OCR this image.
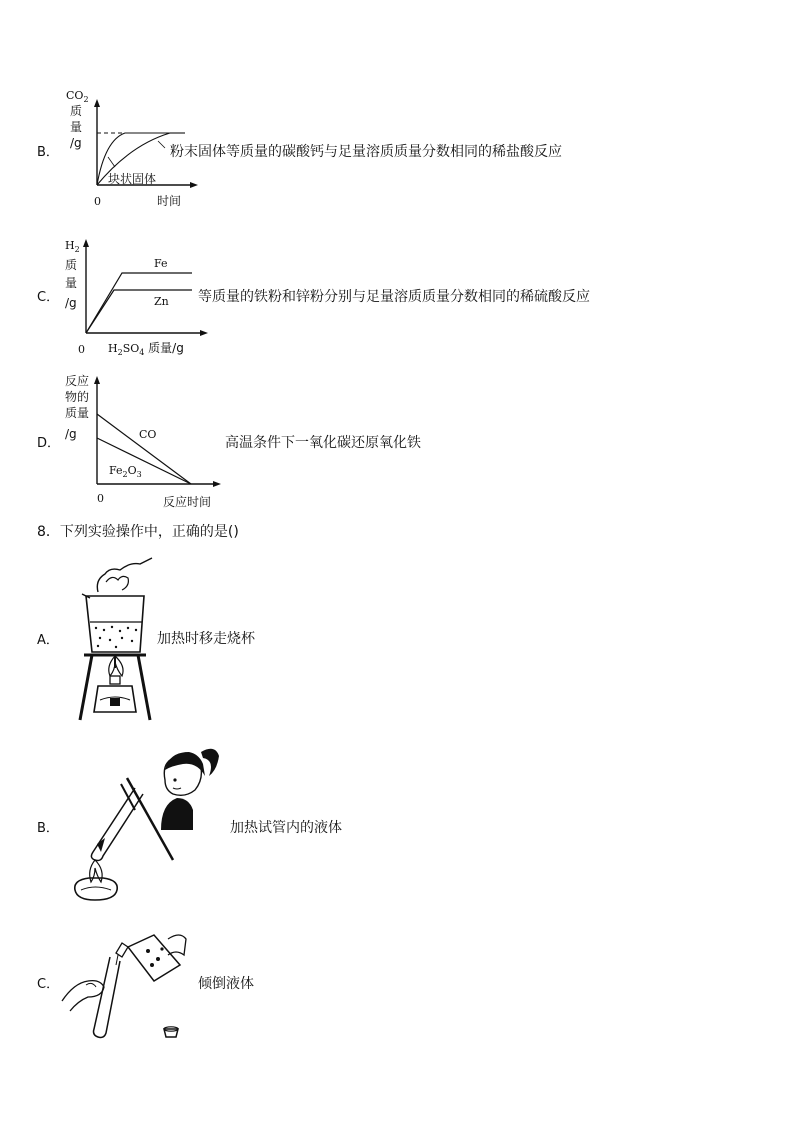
B．
$CO_2$
质
量
/g
块状固体
0	时间
粉末固体等质量的碳酸钙与足量溶质质量分数相同的稀盐酸反应
C．
$H_2$
质
量
/g
Fe
Zn
0 $H_2SO_4$ 质量/g
等质量的铁粉和锌粉分别与足量溶质质量分数相同的稀硫酸反应
D．
反应
物的
质量
/g	CO
$Fe_2O_3$
0	反应时间
高温条件下一氧化碳还原氧化铁
8．下列实验操作中，正确的是()
A．	加热时移走烧杯
B．	加热试管内的液体
C．	倾倒液体
